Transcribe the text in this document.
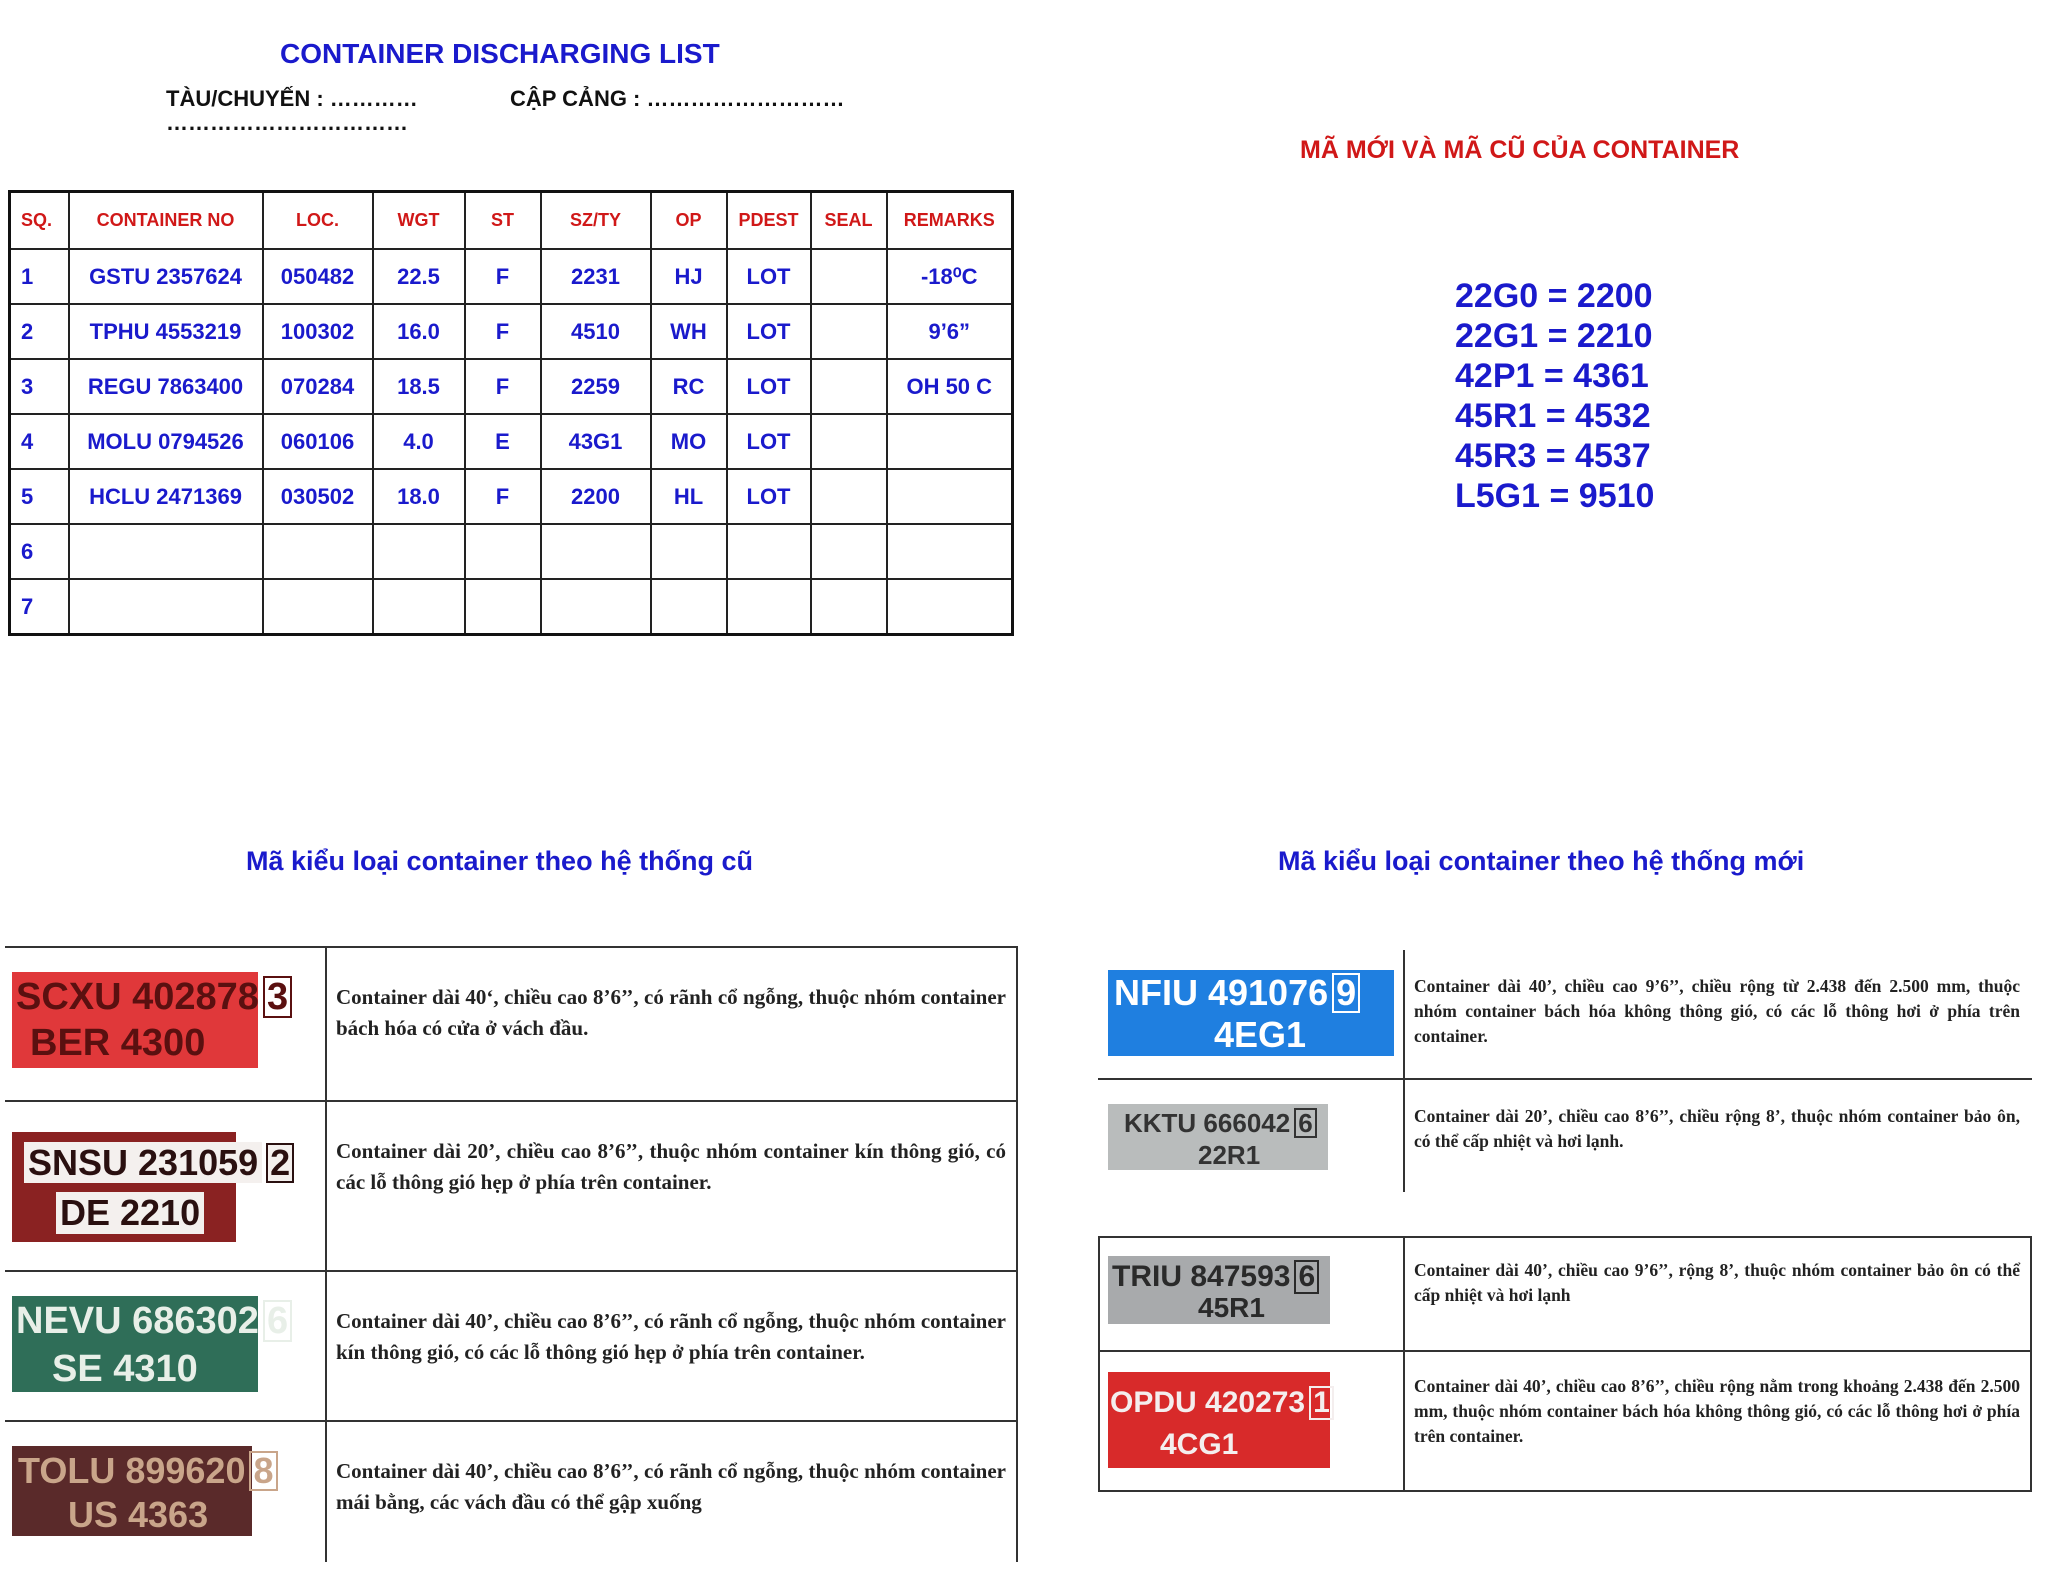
CONTAINER DISCHARGING LIST
TÀU/CHUYẾN : …………	CẬP CẢNG : ………………………
……………………………
SQ.	CONTAINER NO	LOC.	WGT	ST	SZ/TY	OP	PDEST	SEAL	REMARKS
1	GSTU 2357624	050482	22.5	F	2231	HJ	LOT		-18⁰C
2	TPHU 4553219	100302	16.0	F	4510	WH	LOT		9’6”
3	REGU 7863400	070284	18.5	F	2259	RC	LOT		OH 50 C
4	MOLU 0794526	060106	4.0	E	43G1	MO	LOT		
5	HCLU 2471369	030502	18.0	F	2200	HL	LOT		
6									
7									
MÃ MỚI VÀ MÃ CŨ CỦA CONTAINER
22G0 = 2200
22G1 = 2210
42P1 = 4361
45R1 = 4532
45R3 = 4537
L5G1 = 9510
Mã kiểu loại container theo hệ thống cũ	Mã kiểu loại container theo hệ thống mới
SCXU 402878 3
BER 4300
Container dài 40‘, chiều cao 8’6’’, có rãnh cổ ngỗng, thuộc nhóm container bách hóa có cửa ở vách đầu.
SNSU 231059 2
DE 2210
Container dài 20’, chiều cao 8’6’’, thuộc nhóm container kín thông gió, có các lỗ thông gió hẹp ở phía trên container.
NEVU 686302 6
SE 4310
Container dài 40’, chiều cao 8’6’’, có rãnh cổ ngỗng, thuộc nhóm container kín thông gió, có các lỗ thông gió hẹp ở phía trên container.
TOLU 899620 8
US 4363
Container dài 40’, chiều cao 8’6’’, có rãnh cổ ngỗng, thuộc nhóm container mái bằng, các vách đầu có thể gập xuống
NFIU 491076 9
4EG1
Container dài 40’, chiều cao 9’6’’, chiều rộng từ 2.438 đến 2.500 mm, thuộc nhóm container bách hóa không thông gió, có các lỗ thông hơi ở phía trên container.
KKTU 666042 6
22R1
Container dài 20’, chiều cao 8’6’’, chiều rộng 8’, thuộc nhóm container bảo ôn, có thể cấp nhiệt và hơi lạnh.
TRIU 847593 6
45R1
Container dài 40’, chiều cao 9’6’’, rộng 8’, thuộc nhóm container bảo ôn có thể cấp nhiệt và hơi lạnh
OPDU 420273 1
4CG1
Container dài 40’, chiều cao 8’6’’, chiều rộng nằm trong khoảng 2.438 đến 2.500 mm, thuộc nhóm container bách hóa không thông gió, có các lỗ thông hơi ở phía trên container.
